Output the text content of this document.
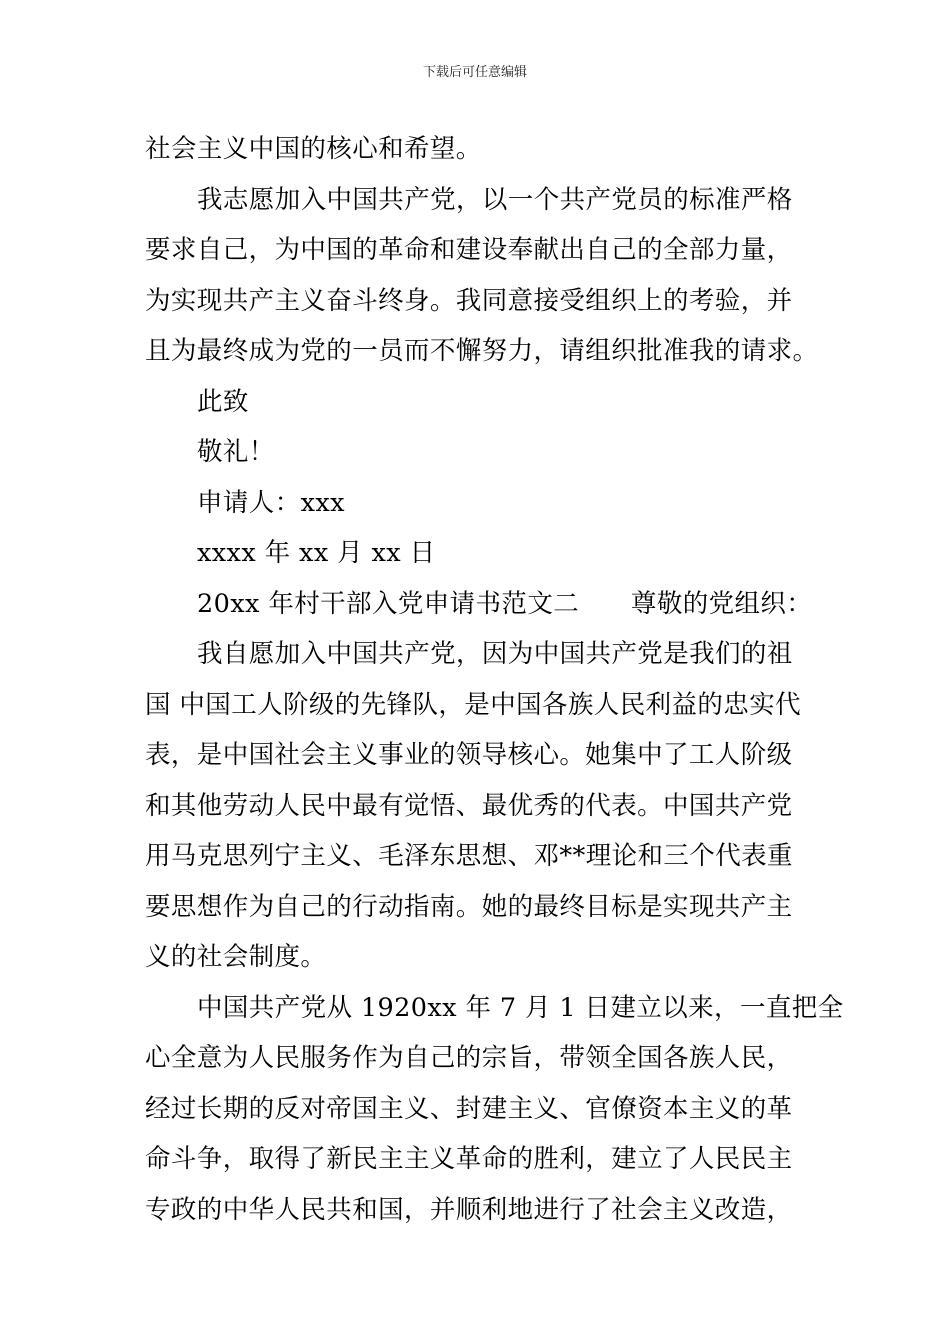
下载后可任意编辑

社会主义中国的核心和希望。

我志愿加入中国共产党，以一个共产党员的标准严格

要求自己，为中国的革命和建设奉献出自己的全部力量，

为实现共产主义奋斗终身。我同意接受组织上的考验，并

且为最终成为党的一员而不懈努力，请组织批准我的请求。

此致

敬礼！

申请人：xxx

xxxx 年 xx 月 xx 日

20xx 年村干部入党申请书范文二　　尊敬的党组织：

我自愿加入中国共产党，因为中国共产党是我们的祖

国 中国工人阶级的先锋队，是中国各族人民利益的忠实代

表，是中国社会主义事业的领导核心。她集中了工人阶级

和其他劳动人民中最有觉悟、最优秀的代表。中国共产党

用马克思列宁主义、毛泽东思想、邓**理论和三个代表重

要思想作为自己的行动指南。她的最终目标是实现共产主

义的社会制度。

中国共产党从 1920xx 年 7 月 1 日建立以来，一直把全

心全意为人民服务作为自己的宗旨，带领全国各族人民，

经过长期的反对帝国主义、封建主义、官僚资本主义的革

命斗争，取得了新民主主义革命的胜利，建立了人民民主

专政的中华人民共和国，并顺利地进行了社会主义改造，
